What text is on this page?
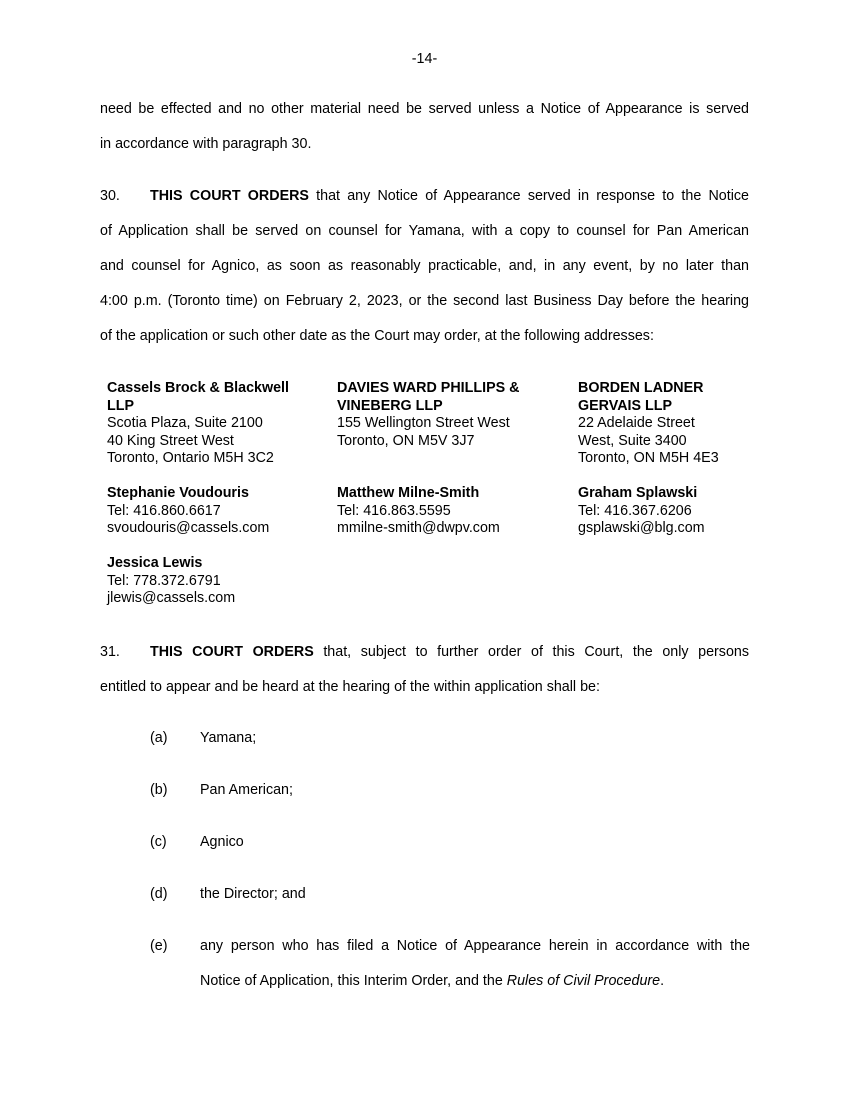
-14-
need be effected and no other material need be served unless a Notice of Appearance is served
in accordance with paragraph 30.
30. THIS COURT ORDERS that any Notice of Appearance served in response to the Notice
of Application shall be served on counsel for Yamana, with a copy to counsel for Pan American
and counsel for Agnico, as soon as reasonably practicable, and, in any event, by no later than
4:00 p.m. (Toronto time) on February 2, 2023, or the second last Business Day before the hearing
of the application or such other date as the Court may order, at the following addresses:
Cassels Brock & Blackwell
LLP
Scotia Plaza, Suite 2100
40 King Street West
Toronto, Ontario M5H 3C2
Stephanie Voudouris
Tel: 416.860.6617
svoudouris@cassels.com
Jessica Lewis
Tel: 778.372.6791
jlewis@cassels.com
DAVIES WARD PHILLIPS &
VINEBERG LLP
155 Wellington Street West
Toronto, ON M5V 3J7
Matthew Milne-Smith
Tel: 416.863.5595
mmilne-smith@dwpv.com
BORDEN LADNER
GERVAIS LLP
22 Adelaide Street
West, Suite 3400
Toronto, ON M5H 4E3
Graham Splawski
Tel: 416.367.6206
gsplawski@blg.com
31. THIS COURT ORDERS that, subject to further order of this Court, the only persons
entitled to appear and be heard at the hearing of the within application shall be:
(a) Yamana;
(b) Pan American;
(c) Agnico
(d) the Director; and
(e) any person who has filed a Notice of Appearance herein in accordance with the
Notice of Application, this Interim Order, and the Rules of Civil Procedure.
